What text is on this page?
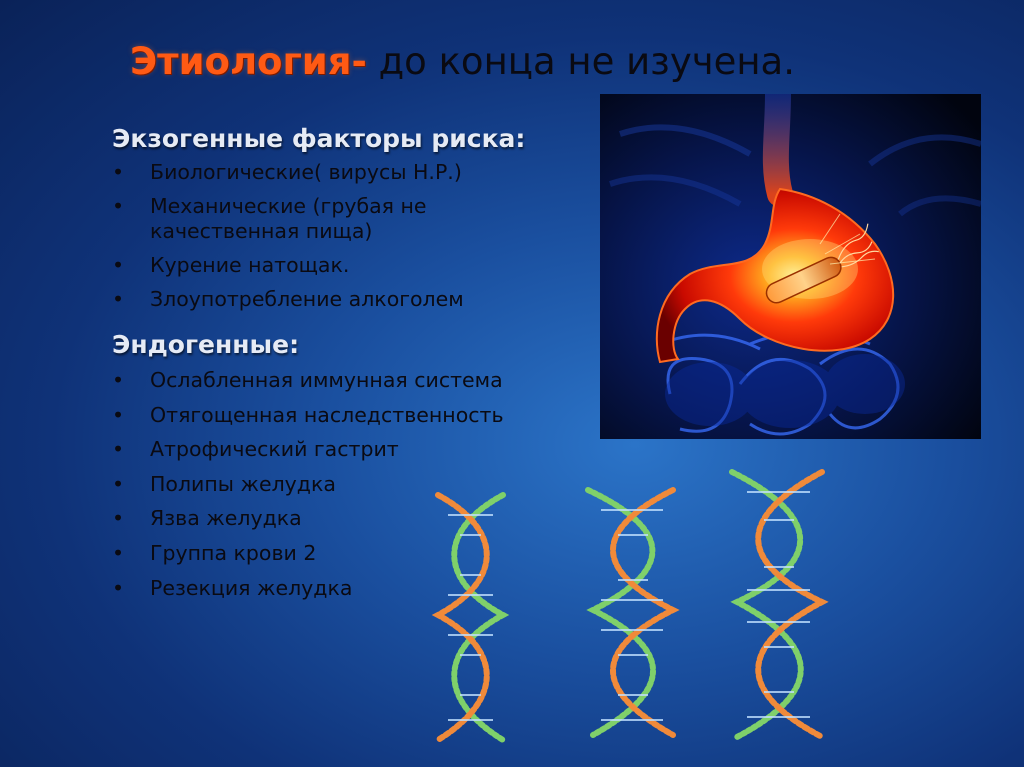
Этиология- до конца не изучена.
Экзогенные факторы риска:
• Биологические( вирусы Н.Р.)
• Механические (грубая не качественная пища)
• Курение натощак.
• Злоупотребление алкоголем
Эндогенные:
• Ослабленная иммунная система
• Отягощенная наследственность
• Атрофический гастрит
• Полипы желудка
• Язва желудка
• Группа крови 2
• Резекция желудка
